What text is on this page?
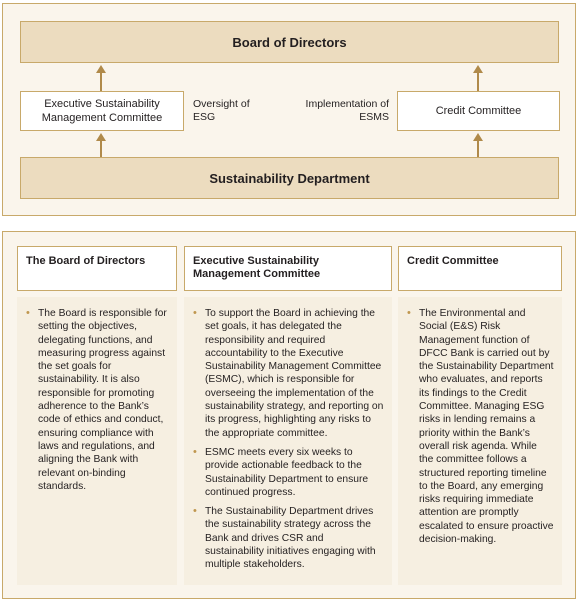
Board of Directors
Executive Sustainability Management Committee
Credit Committee
Oversight of ESG
Implementation of ESMS
Sustainability Department
The Board of Directors	Executive Sustainability Management Committee
Credit Committee
• The Board is responsible for setting the objectives, delegating functions, and measuring progress against the set goals for sustainability. It is also responsible for promoting adherence to the Bank’s code of ethics and conduct, ensuring compliance with laws and regulations, and aligning the Bank with relevant on-binding standards.
• To support the Board in achieving the set goals, it has delegated the responsibility and required accountability to the Executive Sustainability Management Committee (ESMC), which is responsible for overseeing the implementation of the sustainability strategy, and reporting on its progress, highlighting any risks to the appropriate committee.
• ESMC meets every six weeks to provide actionable feedback to the Sustainability Department to ensure continued progress.
• The Sustainability Department drives the sustainability strategy across the Bank and drives CSR and sustainability initiatives engaging with multiple stakeholders.
• The Environmental and Social (E&S) Risk Management function of DFCC Bank is carried out by the Sustainability Department who evaluates, and reports its findings to the Credit Committee. Managing ESG risks in lending remains a priority within the Bank’s overall risk agenda. While the committee follows a structured reporting timeline to the Board, any emerging risks requiring immediate attention are promptly escalated to ensure proactive decision-making.
